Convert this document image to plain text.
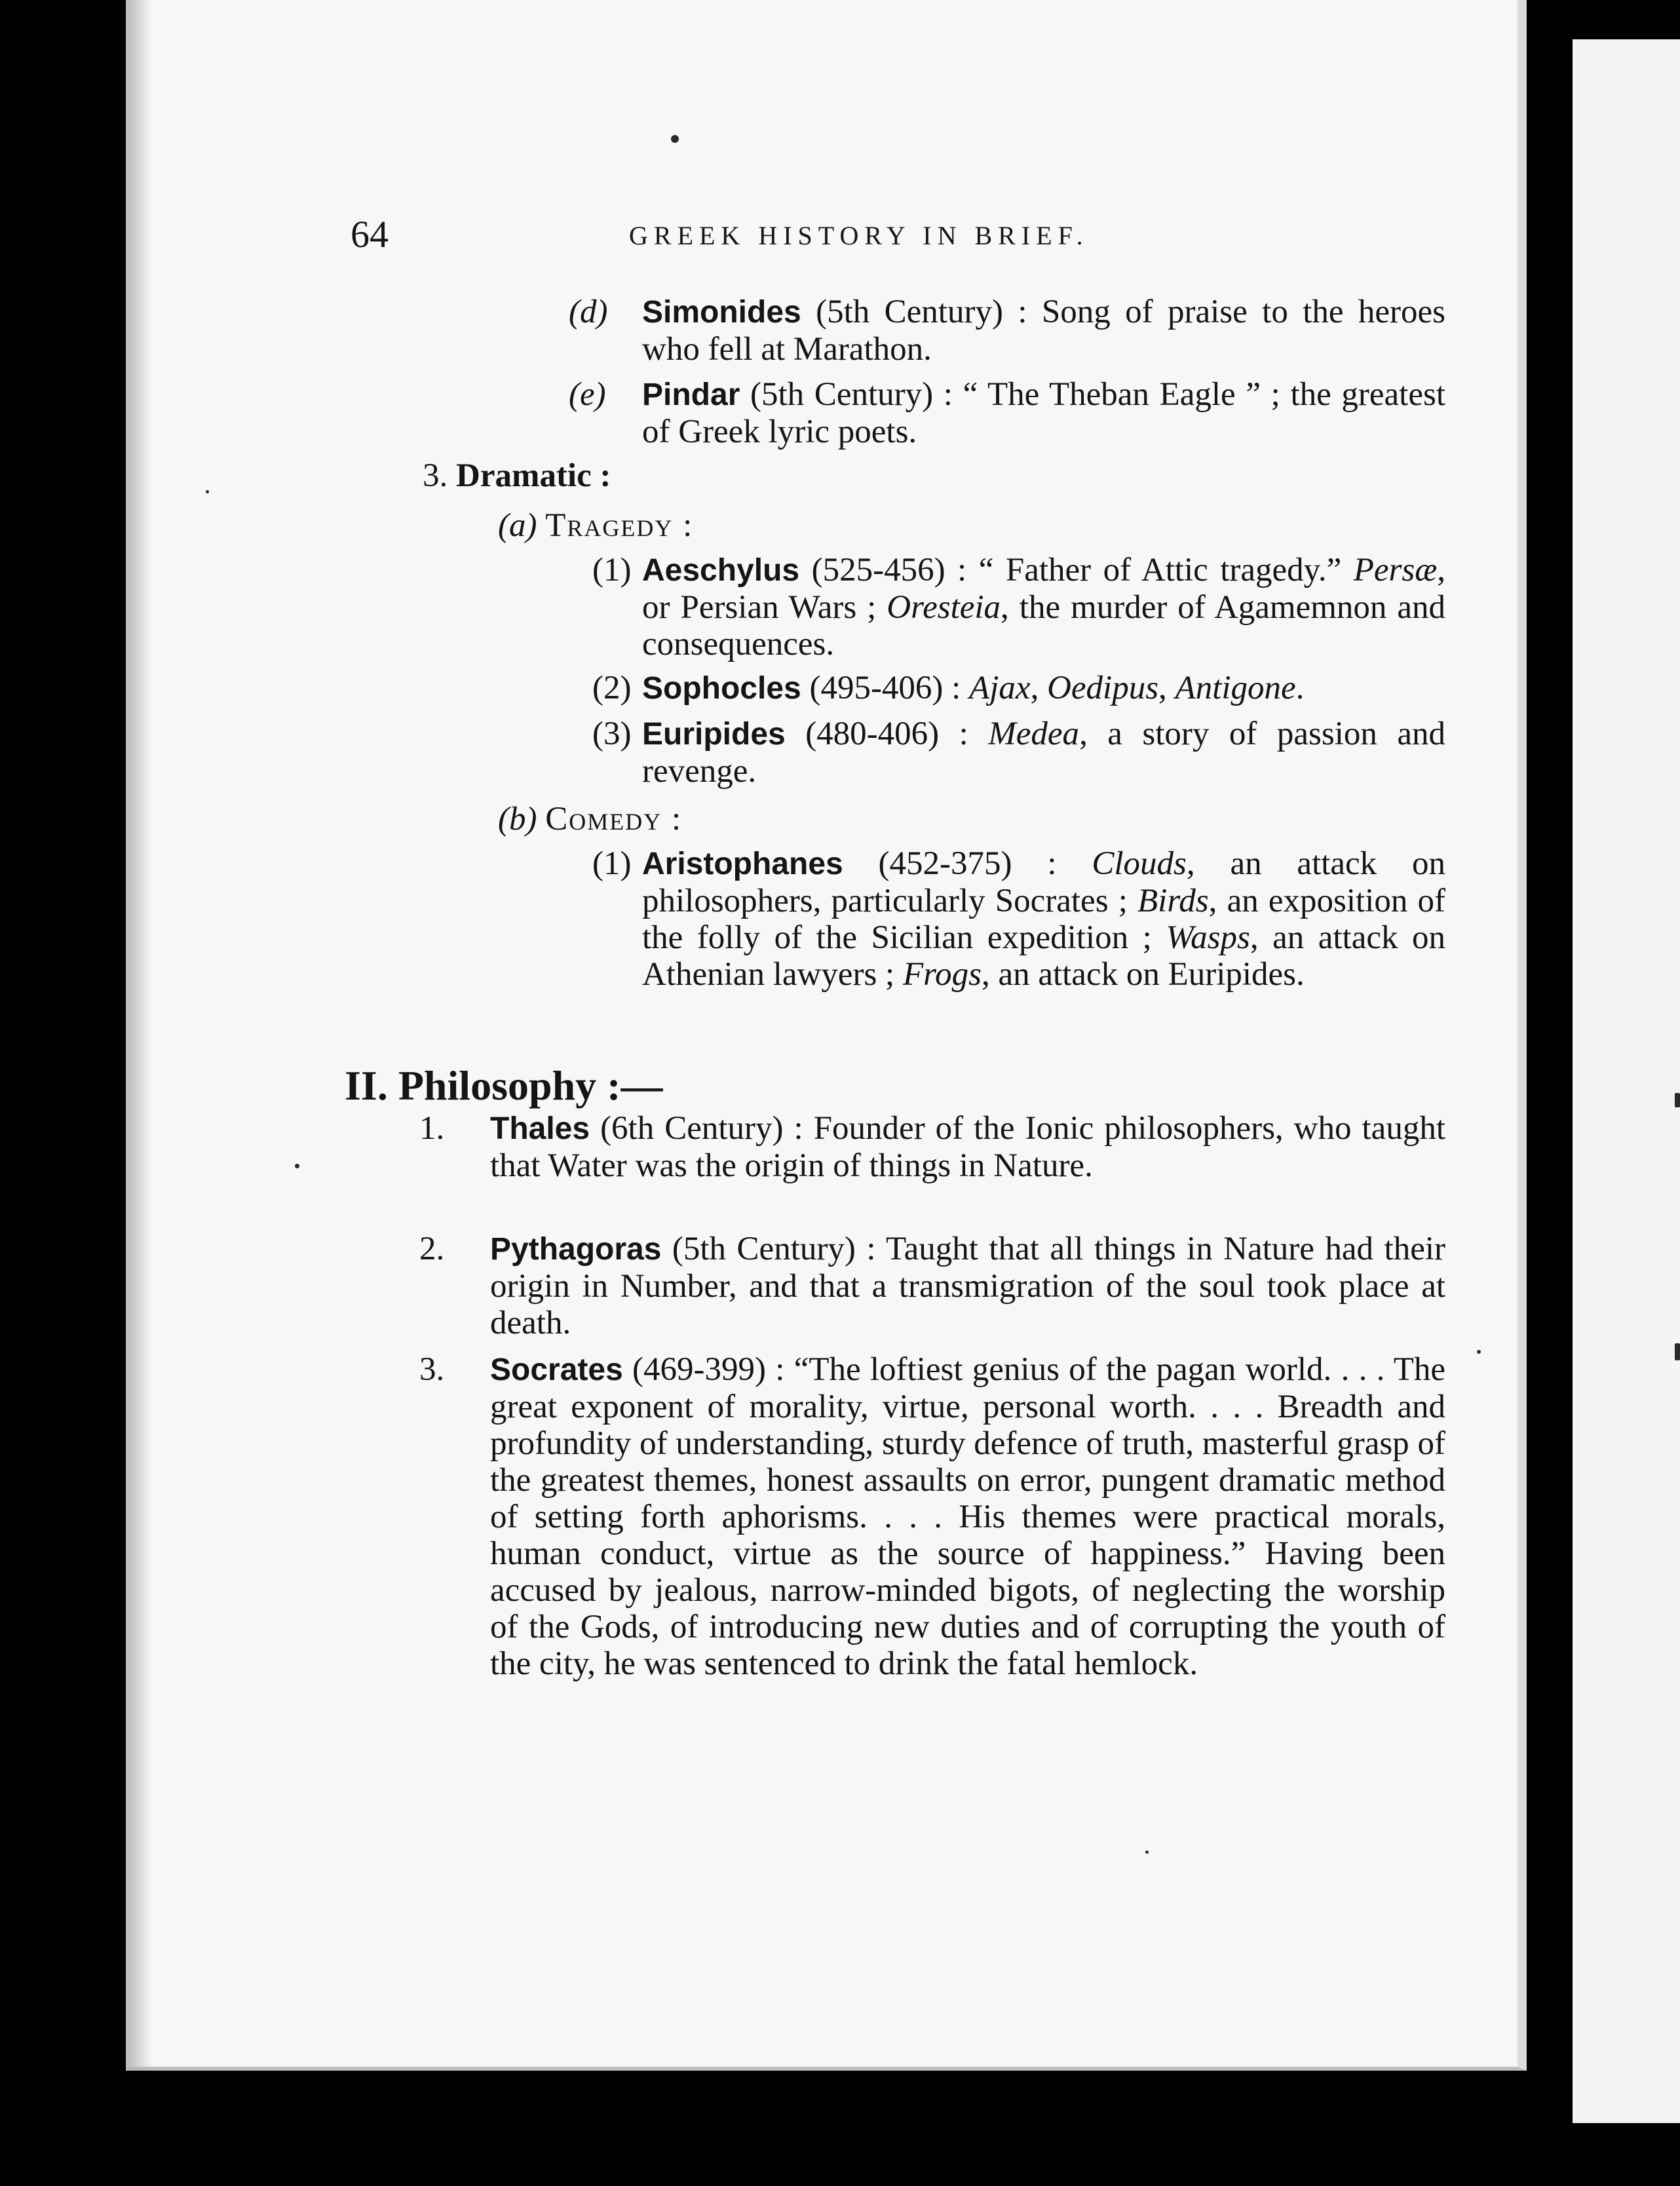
64	GREEK HISTORY IN BRIEF.
(d) Simonides (5th Century) : Song of praise to the heroes who fell at Marathon.
(e) Pindar (5th Century) : “ The Theban Eagle ” ; the greatest of Greek lyric poets.
3. Dramatic :
(a) Tragedy :
(1) Aeschylus (525-456) : “ Father of Attic tragedy.” Persæ, or Persian Wars ; Oresteia, the murder of Agamemnon and consequences.
(2) Sophocles (495-406) : Ajax, Oedipus, Antigone.
(3) Euripides (480-406) : Medea, a story of passion and revenge.
(b) Comedy :
(1) Aristophanes (452-375) : Clouds, an attack on philosophers, particularly Socrates ; Birds, an exposition of the folly of the Sicilian expedition ; Wasps, an attack on Athenian lawyers ; Frogs, an attack on Euripides.
II. Philosophy :—
1. Thales (6th Century) : Founder of the Ionic philosophers, who taught that Water was the origin of things in Nature.
2. Pythagoras (5th Century) : Taught that all things in Nature had their origin in Number, and that a transmigration of the soul took place at death.
3. Socrates (469-399) : “The loftiest genius of the pagan world. . . . The great exponent of morality, virtue, personal worth. . . . Breadth and profundity of understanding, sturdy defence of truth, masterful grasp of the greatest themes, honest assaults on error, pungent dramatic method of setting forth aphorisms. . . . His themes were practical morals, human conduct, virtue as the source of happiness.” Having been accused by jealous, narrow-minded bigots, of neglecting the worship of the Gods, of introducing new duties and of corrupting the youth of the city, he was sentenced to drink the fatal hemlock.
